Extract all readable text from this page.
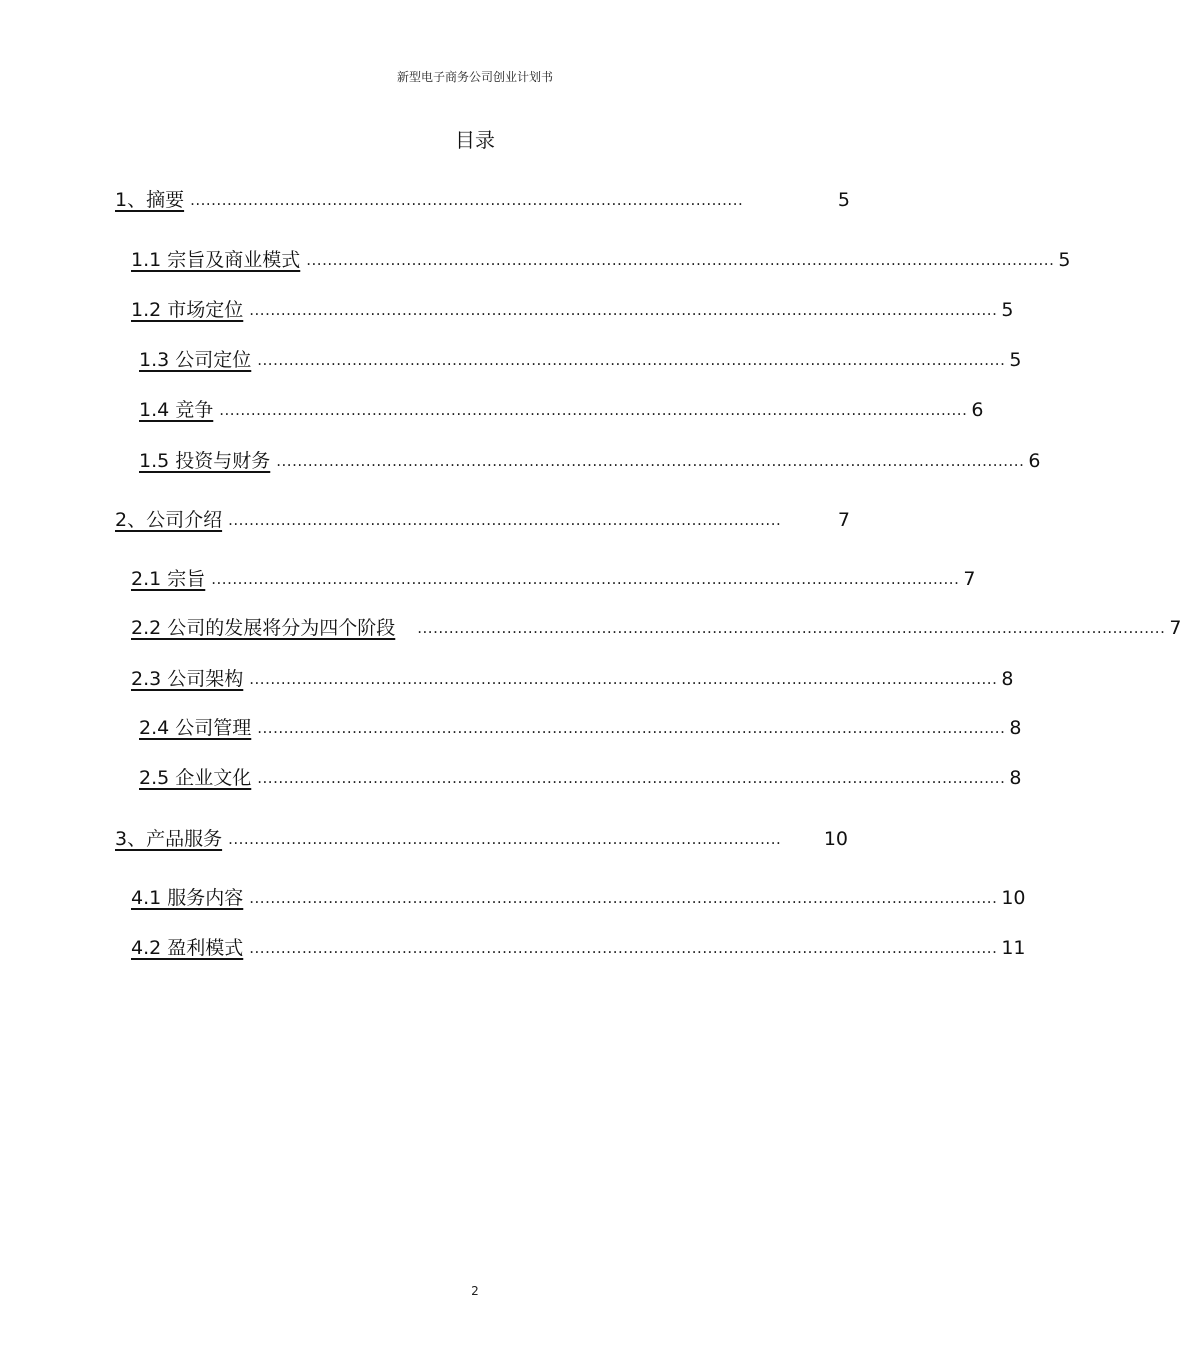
新型电子商务公司创业计划书
目录
1、摘要 .........................................................................................................	5
1.1 宗旨及商业模式 .............................................................................................................................................. 5
1.2 市场定位 .............................................................................................................................................. 5
1.3 公司定位 .............................................................................................................................................. 5
1.4 竞争 .............................................................................................................................................. 6
1.5 投资与财务 .............................................................................................................................................. 6
2、公司介绍 .........................................................................................................	7
2.1 宗旨 .............................................................................................................................................. 7
2.2 公司的发展将分为四个阶段	.............................................................................................................................................. 7
2.3 公司架构 .............................................................................................................................................. 8
2.4 公司管理 .............................................................................................................................................. 8
2.5 企业文化 .............................................................................................................................................. 8
3、产品服务 ......................................................................................................... 10
4.1 服务内容 .............................................................................................................................................. 10
4.2 盈利模式 .............................................................................................................................................. 11
2
